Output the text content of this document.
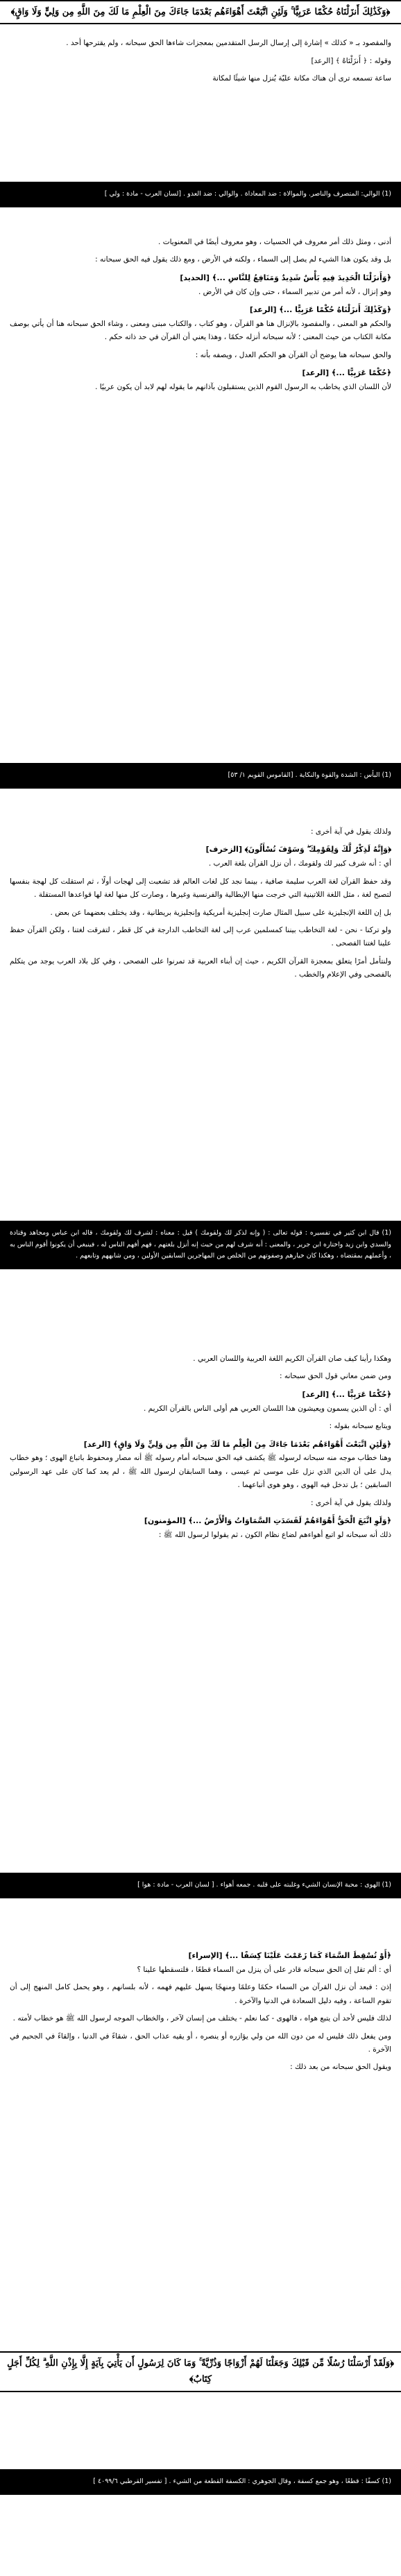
﴿وَكَذَٰلِكَ أَنزَلْنَاهُ حُكْمًا عَرَبِيًّا ۚ وَلَئِنِ اتَّبَعْتَ أَهْوَاءَهُم بَعْدَمَا جَاءَكَ مِنَ الْعِلْمِ مَا لَكَ مِنَ اللَّهِ مِن وَلِيٍّ وَلَا وَاقٍ﴾

والمقصود بـ « كذلك » إشارة إلى إرسال الرسل المتقدمين بمعجزات شاءها الحق سبحانه ، ولم يقترحها أحد .

وقوله : ﴿ أَنزَلْنَاهُ ﴾ [الرعد]

ساعة تسمعه ترى أن هناك مكانة عليّة يُنزل منها شيئًا لمكانة

(1) الوالي: المتصرف والناصر. والموالاة : ضد المعاداة . والوالي : ضد العدو . [لسان العرب - مادة : ولي ]

أدنى ، ومثل ذلك أمر معروف في الحسيات ، وهو معروف أيضًا في المعنويات .

بل وقد يكون هذا الشيء لم يصل إلى السماء ، ولكنه في الأرض ، ومع ذلك يقول فيه الحق سبحانه :

﴿وَأَنزَلْنَا الْحَدِيدَ فِيهِ بَأْسٌ شَدِيدٌ وَمَنَافِعُ لِلنَّاسِ ...﴾ [الحديد]

وهو إنزال ، لأنه أمر من تدبير السماء ، حتى وإن كان في الأرض .

﴿وَكَذَٰلِكَ أَنزَلْنَاهُ حُكْمًا عَرَبِيًّا ...﴾ [الرعد]

والحكم هو المعنى ، والمقصود بالإنزال هنا هو القرآن ، وهو كتاب ، والكتاب مبنى ومعنى ، وشاء الحق سبحانه هنا أن يأتي بوصف مكانة الكتاب من حيث المعنى ؛ لأنه سبحانه أنزله حكمًا ، وهذا يعني أن القرآن في حد ذاته حكم .

والحق سبحانه هنا يوضح أن القرآن هو الحكم العدل ، ويصفه بأنه :

﴿حُكْمًا عَرَبِيًّا ...﴾ [الرعد]

لأن اللسان الذي يخاطب به الرسول القوم الذين يستقبلون بآذانهم ما يقوله لهم لابد أن يكون عربيًا .

(1) البأس : الشدة والقوة والنكاية . [القاموس القويم ١/ ٥٣]

ولذلك يقول في آية أخرى :

﴿وَإِنَّهُ لَذِكْرٌ لَّكَ وَلِقَوْمِكَ ۖ وَسَوْفَ تُسْأَلُونَ﴾ [الزخرف]

أي : أنه شرف كبير لك ولقومك ، أن نزل القرآن بلغة العرب .

وقد حفظ القرآن لغة العرب سليمة صافية ، بينما نجد كل لغات العالم قد تشعبت إلى لهجات أولًا ، ثم استقلت كل لهجة بنفسها لتصبح لغة ، مثل اللغة اللاتينية التي خرجت منها الإيطالية والفرنسية وغيرها ، وصارت كل منها لغة لها قواعدها المستقلة .

بل إن اللغة الإنجليزية على سبيل المثال صارت إنجليزية أمريكية وإنجليزية بريطانية ، وقد يختلف بعضهما عن بعض .

ولو تركنا - نحن - لغة التخاطب بيننا كمسلمين عرب إلى لغة التخاطب الدارجة في كل قطر ، لتفرقت لغتنا ، ولكن القرآن حفظ علينا لغتنا الفصحى .

ولنتأمل أمرًا يتعلق بمعجزة القرآن الكريم ، حيث إن أبناء العربية قد تمرنوا على الفصحى ، وفي كل بلاد العرب يوجد من يتكلم بالفصحى وفي الإعلام والخطب .

(1) قال ابن كثير في تفسيره : قوله تعالى : ( وإنه لذكر لك ولقومك ) قيل : معناه : لشرف لك ولقومك ، قاله ابن عباس ومجاهد وقتادة والسدي وابن زيد واختاره ابن جرير ، والمعنى : أنه شرف لهم من حيث إنه أنزل بلغتهم ، فهم أفهم الناس له ، فينبغي أن يكونوا أقوم الناس به ، وأعملهم بمقتضاه ، وهكذا كان خيارهم وصفوتهم من الخلص من المهاجرين السابقين الأولين ، ومن شابههم وتابعهم .

وهكذا رأينا كيف صان القرآن الكريم اللغة العربية واللسان العربي .

ومن ضمن معاني قول الحق سبحانه :

﴿حُكْمًا عَرَبِيًّا ...﴾ [الرعد]

أي : أن الذين يسمون ويعيشون هذا اللسان العربي هم أولى الناس بالقرآن الكريم .

ويتابع سبحانه بقوله :

﴿وَلَئِنِ اتَّبَعْتَ أَهْوَاءَهُم بَعْدَمَا جَاءَكَ مِنَ الْعِلْمِ مَا لَكَ مِنَ اللَّهِ مِن وَلِيٍّ وَلَا وَاقٍ﴾ [الرعد]

وهنا خطاب موجه منه سبحانه لرسوله ﷺ يكشف فيه الحق سبحانه أمام رسوله ﷺ أنه مصار ومحفوظ باتباع الهوى ؛ وهو خطاب يدل على أن الدين الذي نزل على موسى ثم عيسى ، وهما السابقان لرسول الله ﷺ ، لم يعد كما كان على عهد الرسولين السابقين ؛ بل تدخل فيه الهوى ، وهو هوى أتباعهما .

ولذلك يقول في آية أخرى :

﴿وَلَوِ اتَّبَعَ الْحَقُّ أَهْوَاءَهُمْ لَفَسَدَتِ السَّمَاوَاتُ وَالْأَرْضُ ...﴾ [المؤمنون]

ذلك أنه سبحانه لو اتبع أهواءهم لضاع نظام الكون ، ثم يقولوا لرسول الله ﷺ :

(1) الهوى : محبة الإنسان الشيء وغلبته على قلبه . جمعه أهواء . [ لسان العرب - مادة : هوا ]

﴿أَوْ تُسْقِطَ السَّمَاءَ كَمَا زَعَمْتَ عَلَيْنَا كِسَفًا ...﴾ [الإسراء]

أي : ألم تقل إن الحق سبحانه قادر على أن ينزل من السماء قطعًا ، فلتسقطها علينا ؟

إذن : فبعد أن نزل القرآن من السماء حكمًا وعلمًا ومنهجًا يسهل عليهم فهمه ، لأنه بلسانهم ، وهو يحمل كامل المنهج إلى أن تقوم الساعة ، وفيه دليل السعادة في الدنيا والآخرة .

لذلك فليس لأحد أن يتبع هواه ، فالهوى - كما نعلم - يختلف من إنسان لآخر ، والخطاب الموجه لرسول الله ﷺ هو خطاب لأمته .

ومن يفعل ذلك فليس له من دون الله من ولي يؤازره أو ينصره ، أو يقيه عذاب الحق ، شقاءً في الدنيا ، وإلقاءً في الجحيم في الآخرة .

ويقول الحق سبحانه من بعد ذلك :

﴿وَلَقَدْ أَرْسَلْنَا رُسُلًا مِّن قَبْلِكَ وَجَعَلْنَا لَهُمْ أَزْوَاجًا وَذُرِّيَّةً ۚ وَمَا كَانَ لِرَسُولٍ أَن يَأْتِيَ بِآيَةٍ إِلَّا بِإِذْنِ اللَّهِ ۗ لِكُلِّ أَجَلٍ كِتَابٌ﴾
(1) كسفًا : قطعًا ، وهو جمع كسفة ، وقال الجوهري : الكسفة القطعة من الشيء . [ تفسير القرطبي ٤٠٩٩/٦ ]
